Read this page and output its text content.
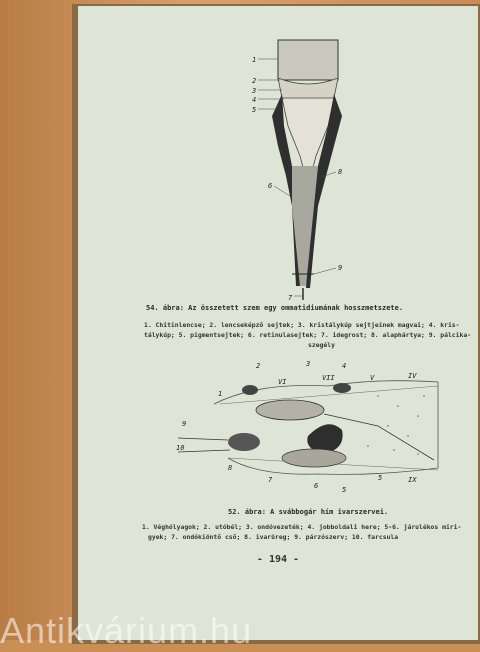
1
2
3
4
5
6
8
9
7
2	3	4
1
VI	VII	V	IV
9
10
8
7
6	5
5	IX
54. ábra: Az összetett szem egy ommatidiumának hosszmetszete.
1. Chitinlencse; 2. lencseképző sejtek; 3. kristálykúp sejtjeinek magvai; 4. kris-
tálykúp; 5. pigmentsejtek; 6. retinulasejtek; 7. idegrost; 8. alaphártya; 9. pálcika-
szegély
52. ábra: A svábbogár hím ivarszervei.
1. Véghólyagok; 2. utóbél; 3. ondóvezeték; 4. jobboldali here; 5-6. járulékos miri-
gyek; 7. ondókiöntő cső; 8. ivarüreg; 9. párzószerv; 10. farcsula
- 194 -
Antikvárium.hu
